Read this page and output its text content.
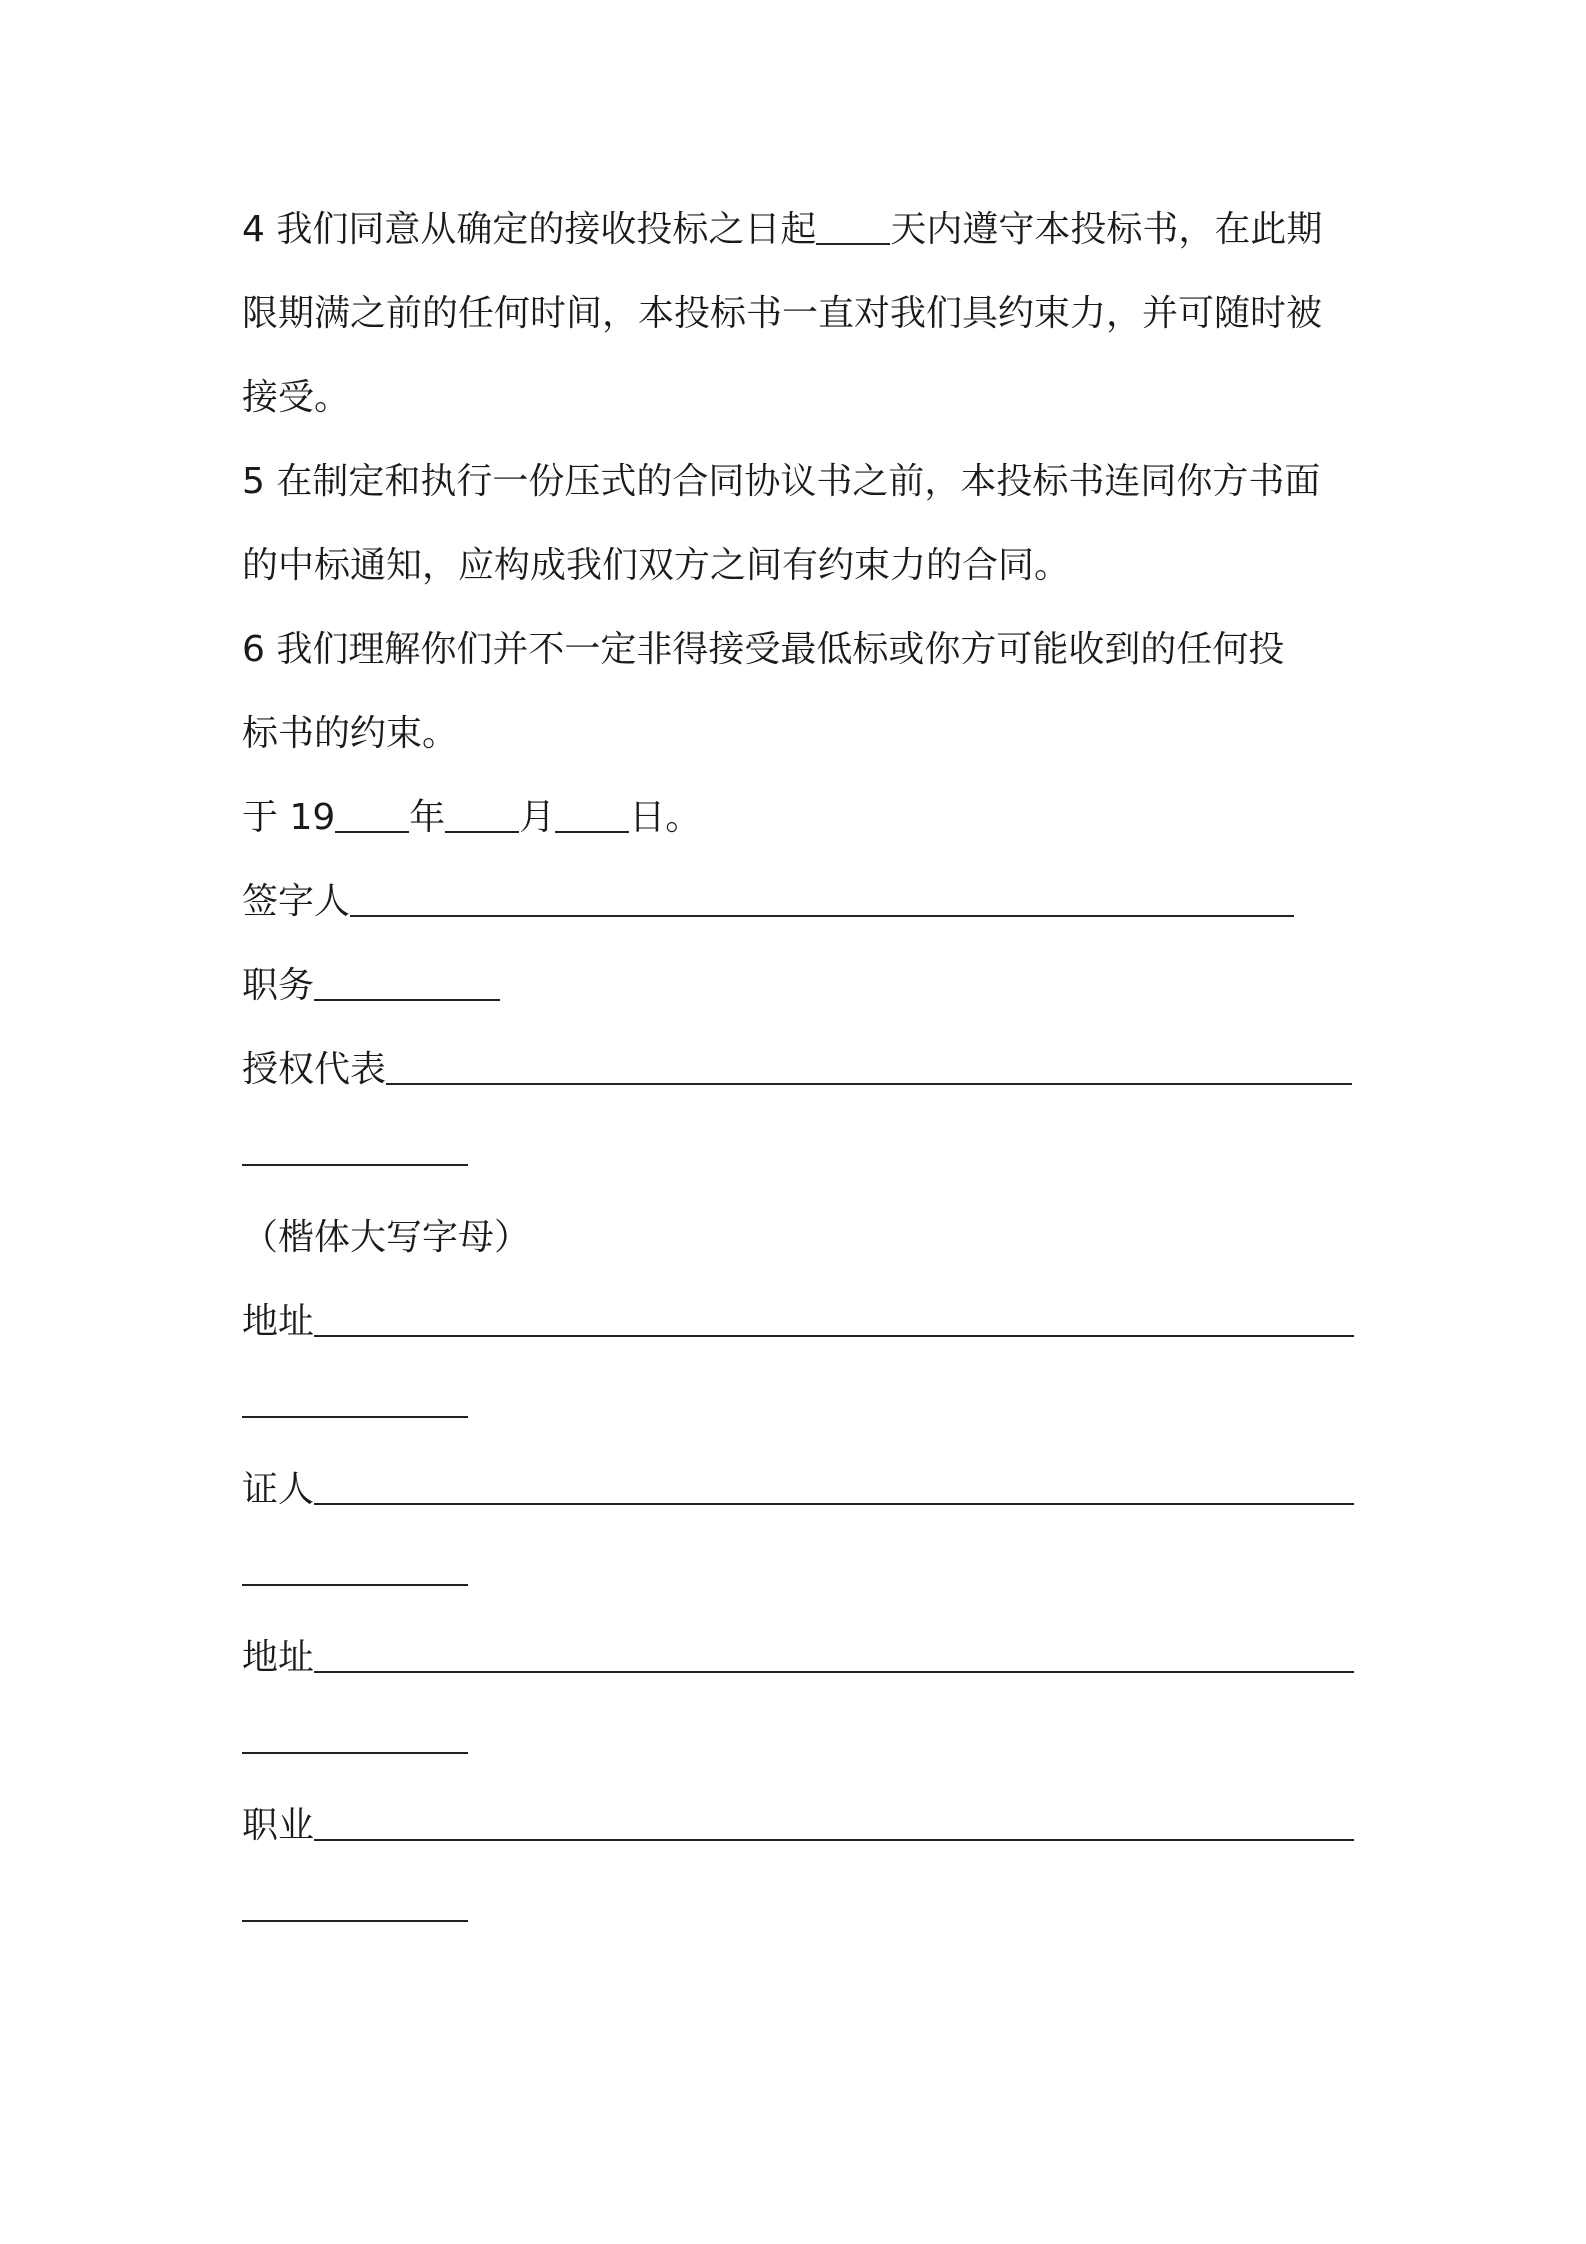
4 我们同意从确定的接收投标之日起 天内遵守本投标书，在此期
限期满之前的任何时间，本投标书一直对我们具约束力，并可随时被
接受。
5 在制定和执行一份压式的合同协议书之前，本投标书连同你方书面
的中标通知，应构成我们双方之间有约束力的合同。
6 我们理解你们并不一定非得接受最低标或你方可能收到的任何投
标书的约束。
于 19 年 月 日。
签字人
职务
授权代表
（楷体大写字母）
地址
证人
地址
职业
